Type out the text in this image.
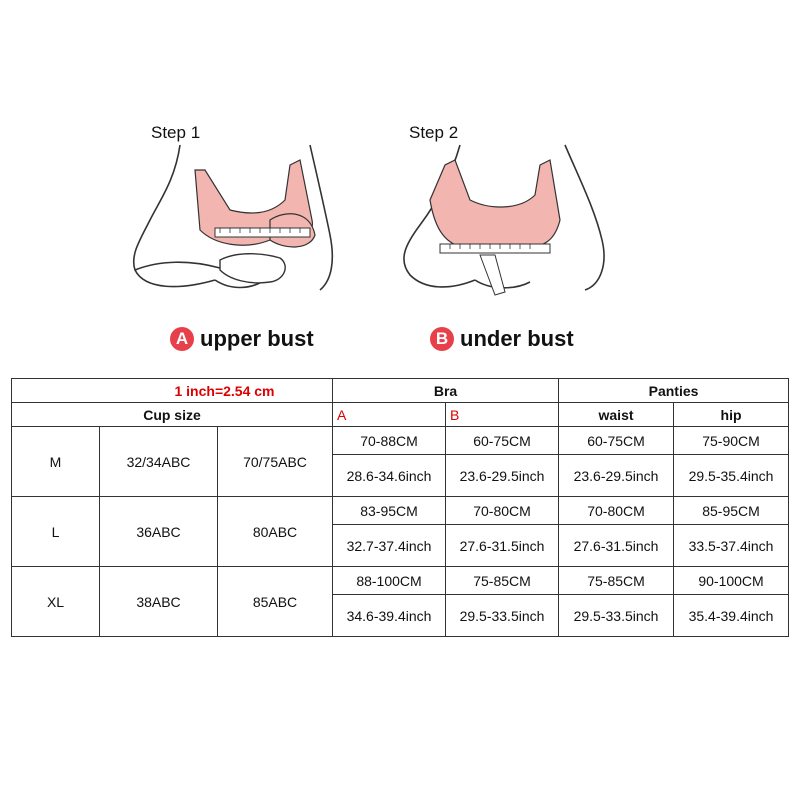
Step 1
A upper bust
Step 2
B under bust
1 inch=2.54 cm			Bra		Panties	
Cup size			A	B	waist	hip
M	32/34ABC	70/75ABC	70-88CM	60-75CM	60-75CM	75-90CM
			28.6-34.6inch	23.6-29.5inch	23.6-29.5inch	29.5-35.4inch
L	36ABC	80ABC	83-95CM	70-80CM	70-80CM	85-95CM
			32.7-37.4inch	27.6-31.5inch	27.6-31.5inch	33.5-37.4inch
XL	38ABC	85ABC	88-100CM	75-85CM	75-85CM	90-100CM
			34.6-39.4inch	29.5-33.5inch	29.5-33.5inch	35.4-39.4inch
